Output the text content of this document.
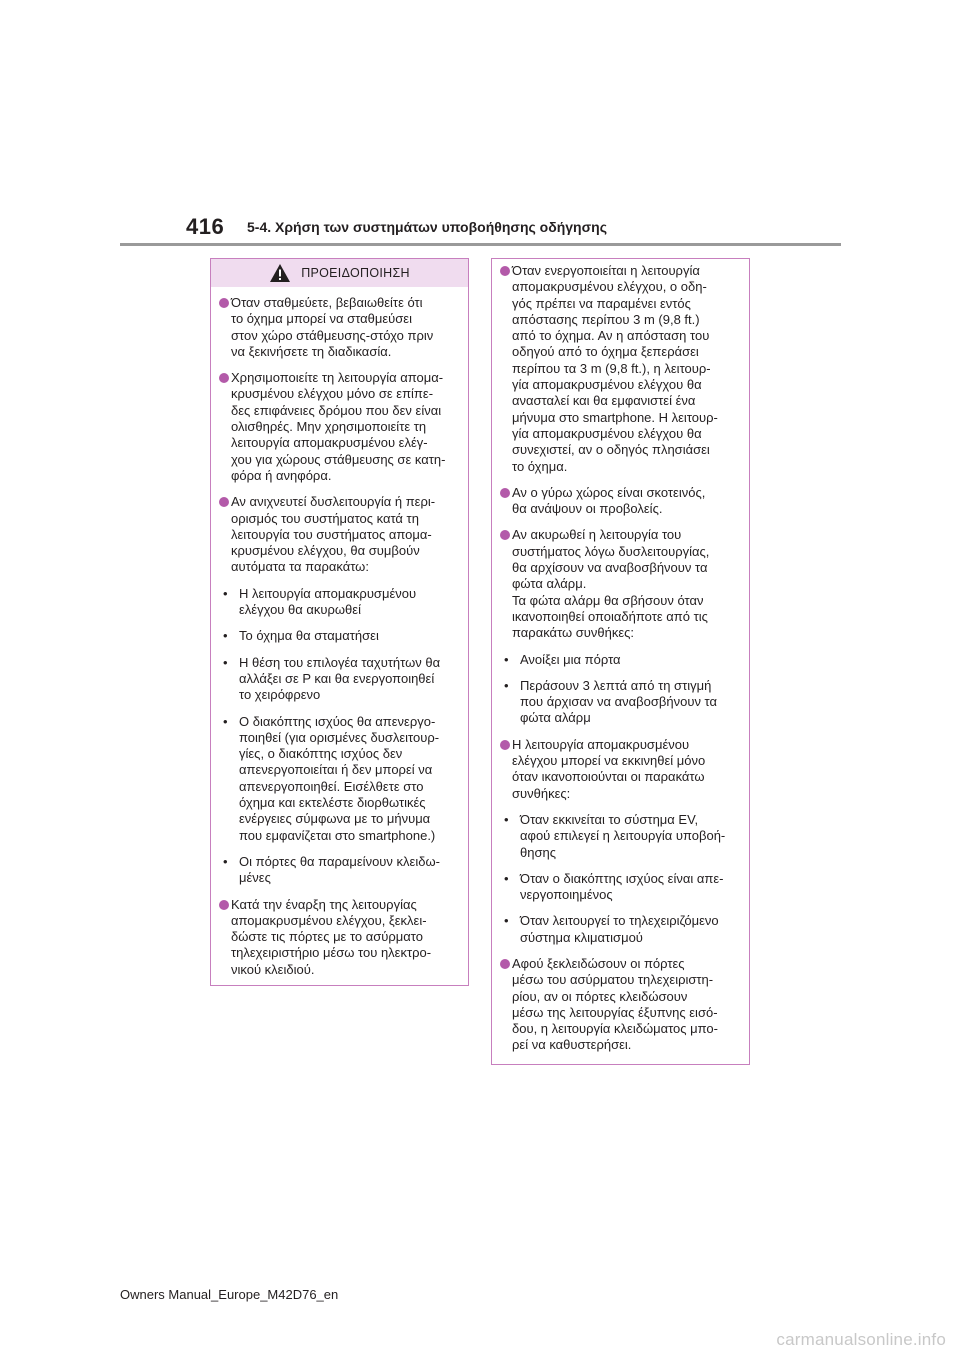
416 5-4. Χρήση των συστημάτων υποβοήθησης οδήγησης
ΠΡΟΕΙΔΟΠΟΙΗΣΗ
Όταν σταθμεύετε, βεβαιωθείτε ότι
το όχημα μπορεί να σταθμεύσει
στον χώρο στάθμευσης-στόχο πριν
να ξεκινήσετε τη διαδικασία.
Χρησιμοποιείτε τη λειτουργία απομα-
κρυσμένου ελέγχου μόνο σε επίπε-
δες επιφάνειες δρόμου που δεν είναι
ολισθηρές. Μην χρησιμοποιείτε τη
λειτουργία απομακρυσμένου ελέγ-
χου για χώρους στάθμευσης σε κατη-
φόρα ή ανηφόρα.
Αν ανιχνευτεί δυσλειτουργία ή περι-
ορισμός του συστήματος κατά τη
λειτουργία του συστήματος απομα-
κρυσμένου ελέγχου, θα συμβούν
αυτόματα τα παρακάτω:
• Η λειτουργία απομακρυσμένου
ελέγχου θα ακυρωθεί
• Το όχημα θα σταματήσει
• Η θέση του επιλογέα ταχυτήτων θα
αλλάξει σε P και θα ενεργοποιηθεί
το χειρόφρενο
• Ο διακόπτης ισχύος θα απενεργο-
ποιηθεί (για ορισμένες δυσλειτουρ-
γίες, ο διακόπτης ισχύος δεν
απενεργοποιείται ή δεν μπορεί να
απενεργοποιηθεί. Εισέλθετε στο
όχημα και εκτελέστε διορθωτικές
ενέργειες σύμφωνα με το μήνυμα
που εμφανίζεται στο smartphone.)
• Οι πόρτες θα παραμείνουν κλειδω-
μένες
Κατά την έναρξη της λειτουργίας
απομακρυσμένου ελέγχου, ξεκλει-
δώστε τις πόρτες με το ασύρματο
τηλεχειριστήριο μέσω του ηλεκτρο-
νικού κλειδιού.
Όταν ενεργοποιείται η λειτουργία
απομακρυσμένου ελέγχου, ο οδη-
γός πρέπει να παραμένει εντός
απόστασης περίπου 3 m (9,8 ft.)
από το όχημα. Αν η απόσταση του
οδηγού από το όχημα ξεπεράσει
περίπου τα 3 m (9,8 ft.), η λειτουρ-
γία απομακρυσμένου ελέγχου θα
ανασταλεί και θα εμφανιστεί ένα
μήνυμα στο smartphone. Η λειτουρ-
γία απομακρυσμένου ελέγχου θα
συνεχιστεί, αν ο οδηγός πλησιάσει
το όχημα.
Αν ο γύρω χώρος είναι σκοτεινός,
θα ανάψουν οι προβολείς.
Αν ακυρωθεί η λειτουργία του
συστήματος λόγω δυσλειτουργίας,
θα αρχίσουν να αναβοσβήνουν τα
φώτα αλάρμ.
Τα φώτα αλάρμ θα σβήσουν όταν
ικανοποιηθεί οποιαδήποτε από τις
παρακάτω συνθήκες:
• Ανοίξει μια πόρτα
• Περάσουν 3 λεπτά από τη στιγμή
που άρχισαν να αναβοσβήνουν τα
φώτα αλάρμ
Η λειτουργία απομακρυσμένου
ελέγχου μπορεί να εκκινηθεί μόνο
όταν ικανοποιούνται οι παρακάτω
συνθήκες:
• Όταν εκκινείται το σύστημα EV,
αφού επιλεγεί η λειτουργία υποβοή-
θησης
• Όταν ο διακόπτης ισχύος είναι απε-
νεργοποιημένος
• Όταν λειτουργεί το τηλεχειριζόμενο
σύστημα κλιματισμού
Αφού ξεκλειδώσουν οι πόρτες
μέσω του ασύρματου τηλεχειριστη-
ρίου, αν οι πόρτες κλειδώσουν
μέσω της λειτουργίας έξυπνης εισό-
δου, η λειτουργία κλειδώματος μπο-
ρεί να καθυστερήσει.
Owners Manual_Europe_M42D76_en
carmanualsonline.info
